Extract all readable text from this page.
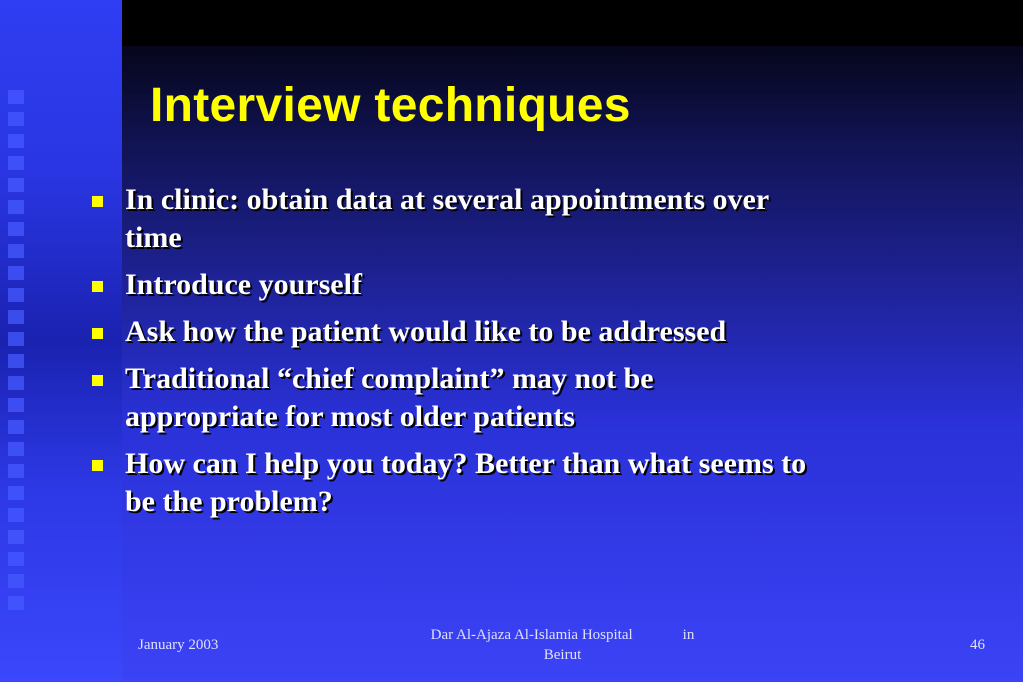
Interview techniques
In clinic: obtain data at several appointments over time
Introduce yourself
Ask how the patient would like to be addressed
Traditional “chief complaint” may not be appropriate for most older patients
How can I help you today? Better than what seems to be the problem?
January 2003
Dar Al-Ajaza Al-Islamia Hospital	in
Beirut
46
